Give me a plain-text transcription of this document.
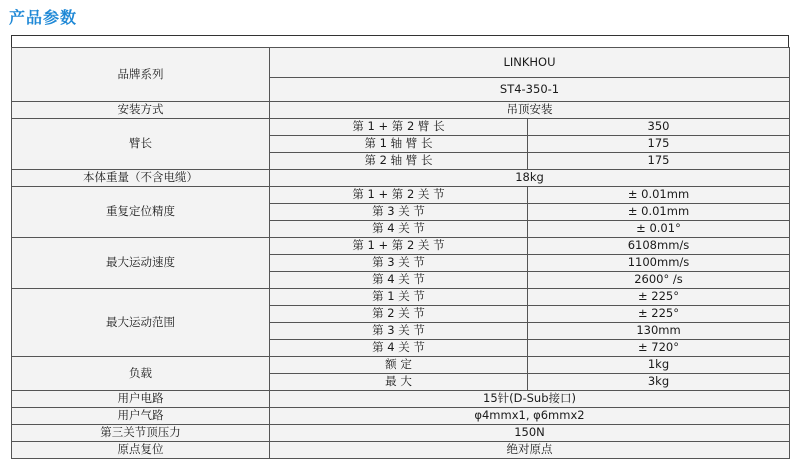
产品参数
品牌系列	LINKHOU	
	ST4-350-1	
安装方式	吊顶安装	
臂长	第 1 + 第 2 臂 长	350
	第 1 轴 臂 长	175
	第 2 轴 臂 长	175
本体重量（不含电缆）	18kg	
重复定位精度	第 1 + 第 2 关 节	± 0.01mm
	第 3 关 节	± 0.01mm
	第 4 关 节	± 0.01°
最大运动速度	第 1 + 第 2 关 节	6108mm/s
	第 3 关 节	1100mm/s
	第 4 关 节	2600° /s
最大运动范围	第 1 关 节	± 225°
	第 2 关 节	± 225°
	第 3 关 节	130mm
	第 4 关 节	± 720°
负载	额 定	1kg
	最 大	3kg
用户电路	15针(D-Sub接口)	
用户气路	φ4mmx1, φ6mmx2	
第三关节顶压力	150N	
原点复位	绝对原点	
